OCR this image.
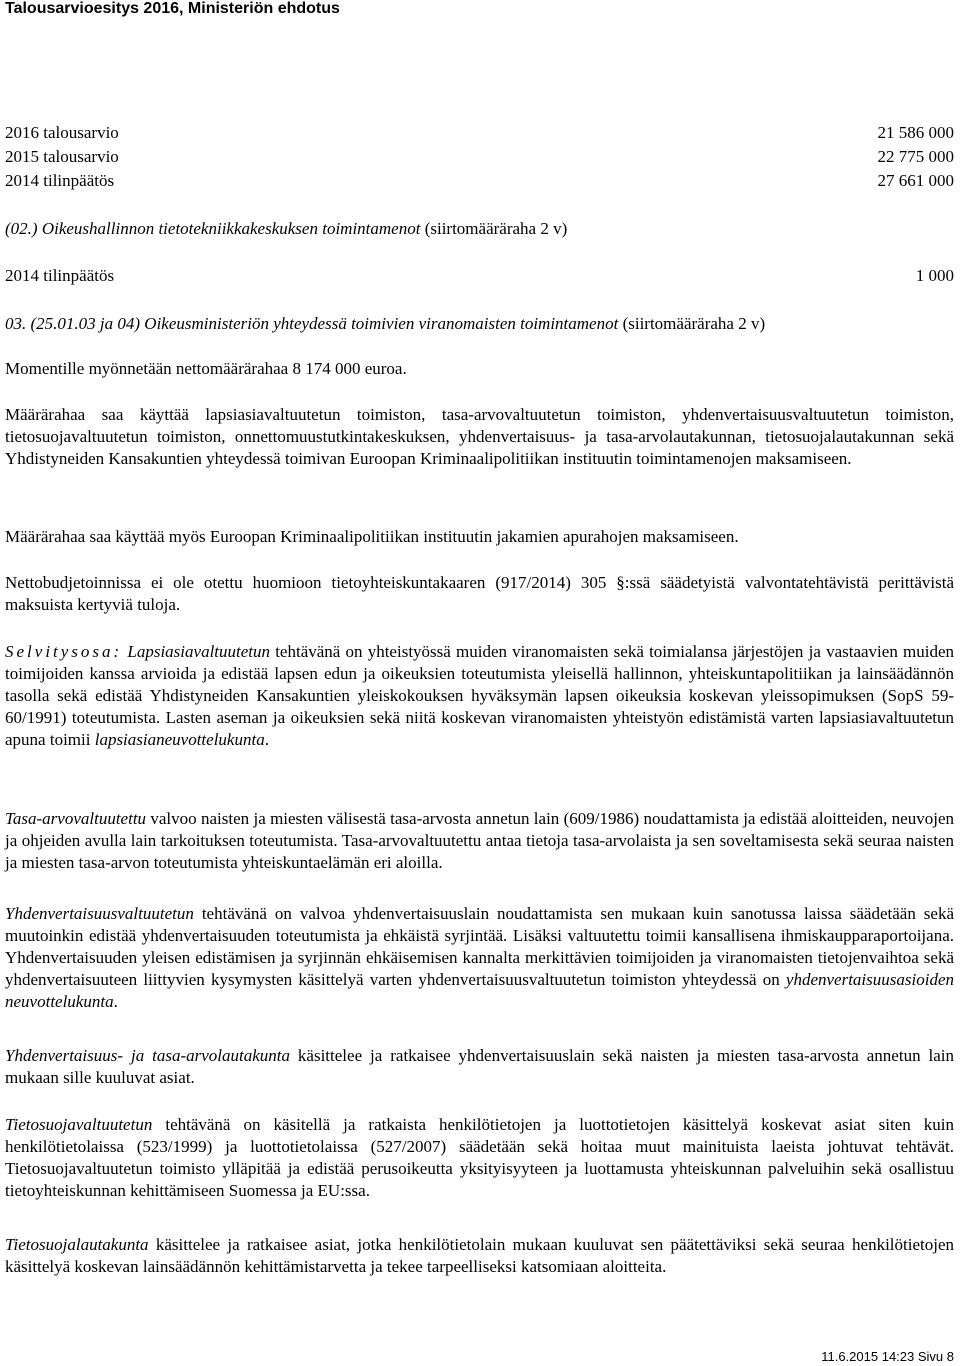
Talousarvioesitys 2016, Ministeriön ehdotus
2016 talousarvio	21 586 000
2015 talousarvio	22 775 000
2014 tilinpäätös	27 661 000
(02.) Oikeushallinnon tietotekniikkakeskuksen toimintamenot (siirtomääräraha 2 v)
2014 tilinpäätös	1 000
03. (25.01.03 ja 04) Oikeusministeriön yhteydessä toimivien viranomaisten toimintamenot (siirtomääräraha 2 v)
Momentille myönnetään nettomäärärahaa 8 174 000 euroa.

Määrärahaa saa käyttää lapsiasiavaltuutetun toimiston, tasa-arvovaltuutetun toimiston, yhdenvertaisuusvaltuutetun toimiston, tietosuojavaltuutetun toimiston, onnettomuustutkintakeskuksen, yhdenvertaisuus- ja tasa-arvolautakunnan, tietosuojalautakunnan sekä Yhdistyneiden Kansakuntien yhteydessä toimivan Euroopan Kriminaalipolitiikan instituutin toimintamenojen maksamiseen.

Määrärahaa saa käyttää myös Euroopan Kriminaalipolitiikan instituutin jakamien apurahojen maksamiseen.

Nettobudjetoinnissa ei ole otettu huomioon tietoyhteiskuntakaaren (917/2014) 305 §:ssä säädetyistä valvontatehtävistä perittävistä maksuista kertyviä tuloja.

Selvitysosa: Lapsiasiavaltuutetun tehtävänä on yhteistyössä muiden viranomaisten sekä toimialansa järjestöjen ja vastaavien muiden toimijoiden kanssa arvioida ja edistää lapsen edun ja oikeuksien toteutumista yleisellä hallinnon, yhteiskuntapolitiikan ja lainsäädännön tasolla sekä edistää Yhdistyneiden Kansakuntien yleiskokouksen hyväksymän lapsen oikeuksia koskevan yleissopimuksen (SopS 59-60/1991) toteutumista. Lasten aseman ja oikeuksien sekä niitä koskevan viranomaisten yhteistyön edistämistä varten lapsiasiavaltuutetun apuna toimii lapsiasianeuvottelukunta.

Tasa-arvovaltuutettu valvoo naisten ja miesten välisestä tasa-arvosta annetun lain (609/1986) noudattamista ja edistää aloitteiden, neuvojen ja ohjeiden avulla lain tarkoituksen toteutumista. Tasa-arvovaltuutettu antaa tietoja tasa-arvolaista ja sen soveltamisesta sekä seuraa naisten ja miesten tasa-arvon toteutumista yhteiskuntaelämän eri aloilla.

Yhdenvertaisuusvaltuutetun tehtävänä on valvoa yhdenvertaisuuslain noudattamista sen mukaan kuin sanotussa laissa säädetään sekä muutoinkin edistää yhdenvertaisuuden toteutumista ja ehkäistä syrjintää. Lisäksi valtuutettu toimii kansallisena ihmiskaupparaportoijana. Yhdenvertaisuuden yleisen edistämisen ja syrjinnän ehkäisemisen kannalta merkittävien toimijoiden ja viranomaisten tietojenvaihtoa sekä yhdenvertaisuuteen liittyvien kysymysten käsittelyä varten yhdenvertaisuusvaltuutetun toimiston yhteydessä on yhdenvertaisuusasioiden neuvottelukunta.

Yhdenvertaisuus- ja tasa-arvolautakunta käsittelee ja ratkaisee yhdenvertaisuuslain sekä naisten ja miesten tasa-arvosta annetun lain mukaan sille kuuluvat asiat.

Tietosuojavaltuutetun tehtävänä on käsitellä ja ratkaista henkilötietojen ja luottotietojen käsittelyä koskevat asiat siten kuin henkilötietolaissa (523/1999) ja luottotietolaissa (527/2007) säädetään sekä hoitaa muut mainituista laeista johtuvat tehtävät. Tietosuojavaltuutetun toimisto ylläpitää ja edistää perusoikeutta yksityisyyteen ja luottamusta yhteiskunnan palveluihin sekä osallistuu tietoyhteiskunnan kehittämiseen Suomessa ja EU:ssa.

Tietosuojalautakunta käsittelee ja ratkaisee asiat, jotka henkilötietolain mukaan kuuluvat sen päätettäviksi sekä seuraa henkilötietojen käsittelyä koskevan lainsäädännön kehittämistarvetta ja tekee tarpeelliseksi katsomiaan aloitteita.

11.6.2015 14:23 Sivu 8
